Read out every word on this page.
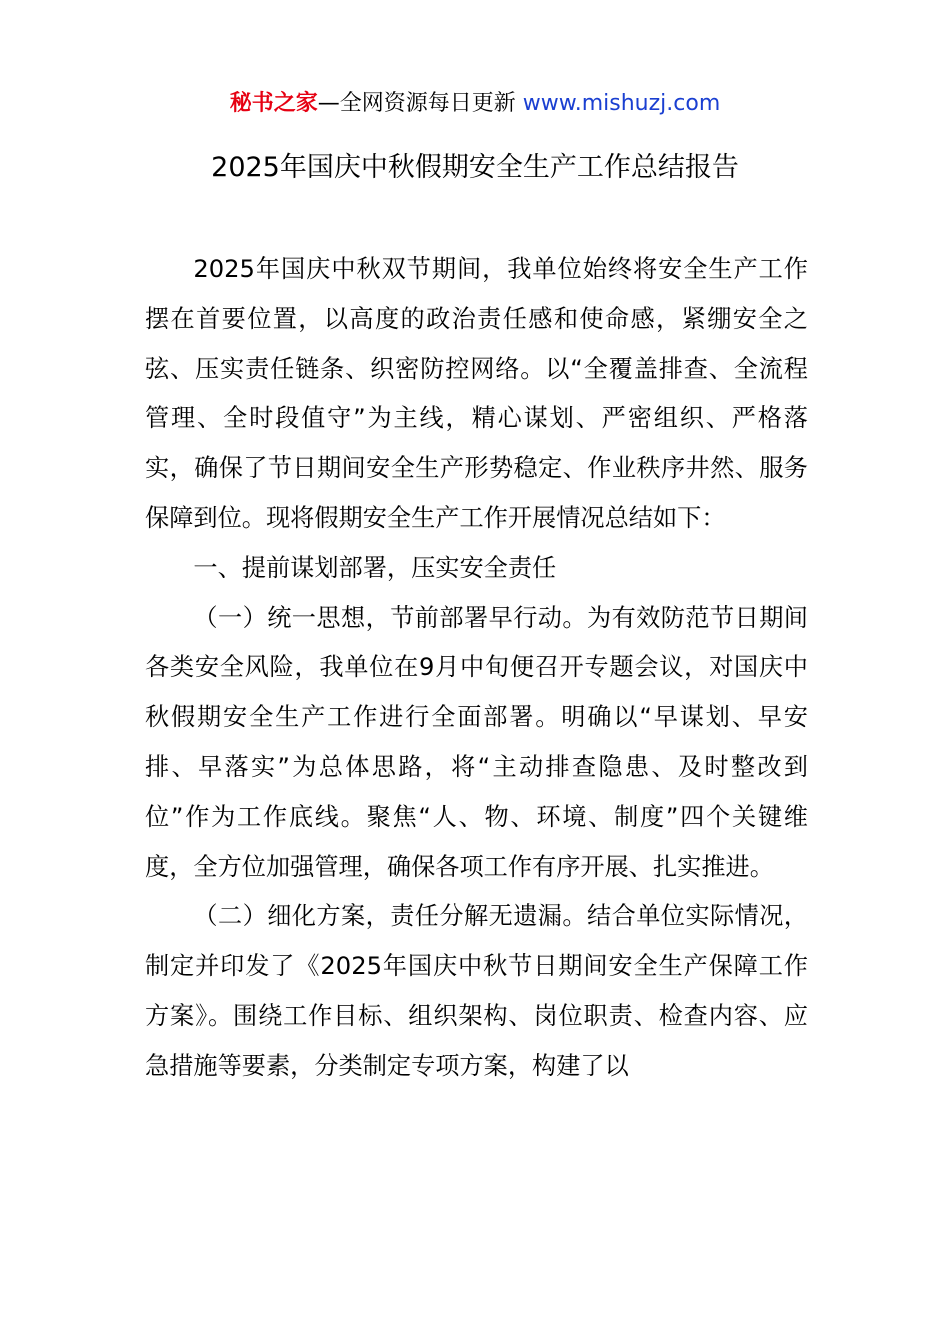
秘书之家—全网资源每日更新 www.mishuzj.com
2025年国庆中秋假期安全生产工作总结报告

2025年国庆中秋双节期间，我单位始终将安全生产工作摆在首要位置，以高度的政治责任感和使命感，紧绷安全之弦、压实责任链条、织密防控网络。以“全覆盖排查、全流程管理、全时段值守”为主线，精心谋划、严密组织、严格落实，确保了节日期间安全生产形势稳定、作业秩序井然、服务保障到位。现将假期安全生产工作开展情况总结如下：

一、提前谋划部署，压实安全责任

（一）统一思想，节前部署早行动。为有效防范节日期间各类安全风险，我单位在9月中旬便召开专题会议，对国庆中秋假期安全生产工作进行全面部署。明确以“早谋划、早安排、早落实”为总体思路，将“主动排查隐患、及时整改到位”作为工作底线。聚焦“人、物、环境、制度”四个关键维度，全方位加强管理，确保各项工作有序开展、扎实推进。

（二）细化方案，责任分解无遗漏。结合单位实际情况，制定并印发了《2025年国庆中秋节日期间安全生产保障工作方案》。围绕工作目标、组织架构、岗位职责、检查内容、应急措施等要素，分类制定专项方案，构建了以
